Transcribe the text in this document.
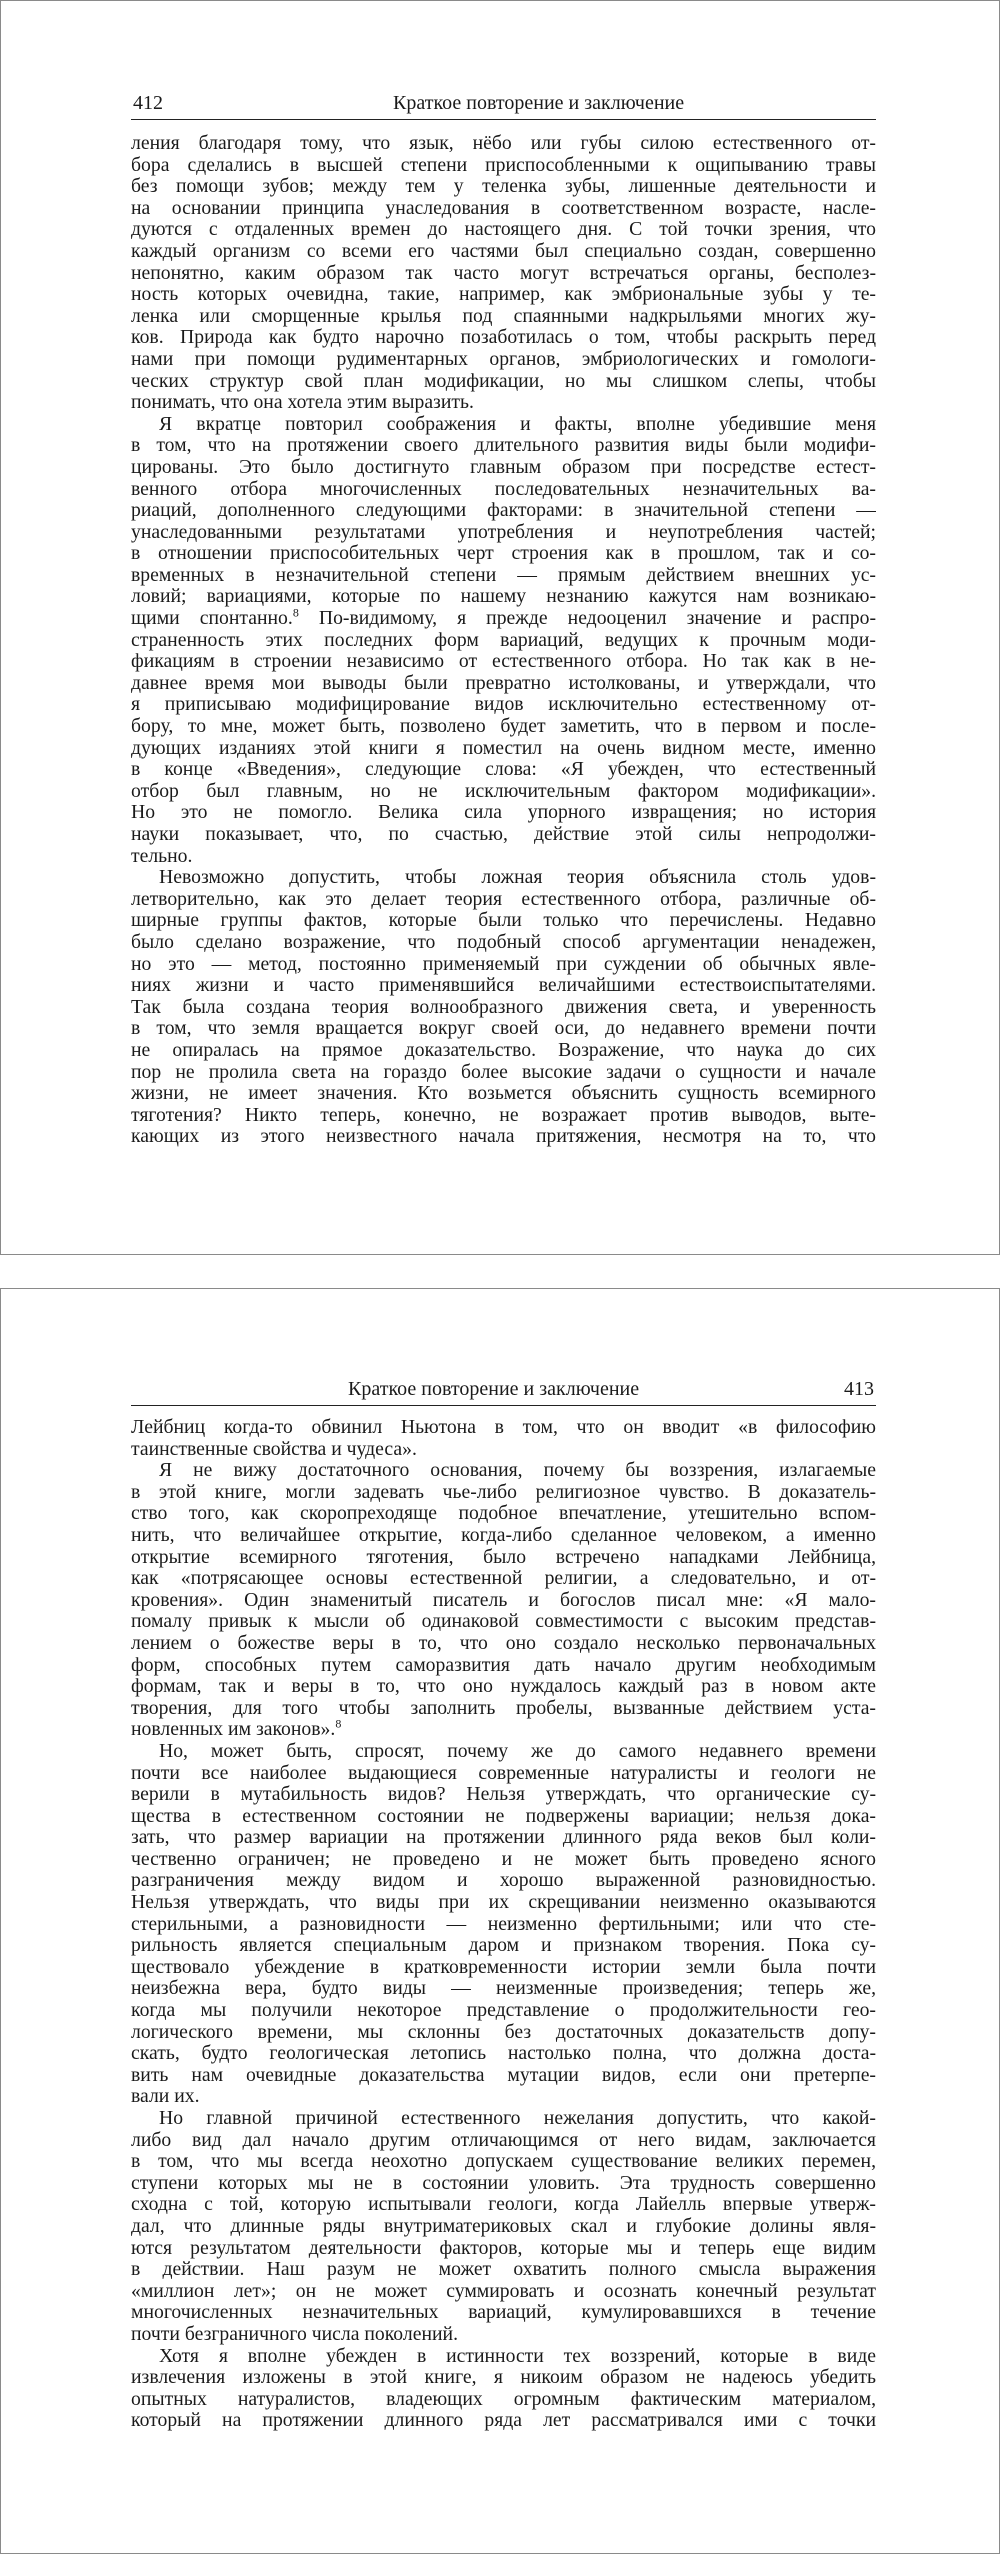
412	Краткое повторение и заключение
ления благодаря тому, что язык, нёбо или губы силою естественного от-
бора сделались в высшей степени приспособленными к ощипыванию травы
без помощи зубов; между тем у теленка зубы, лишенные деятельности и
на основании принципа унаследования в соответственном возрасте, насле-
дуются с отдаленных времен до настоящего дня. С той точки зрения, что
каждый организм со всеми его частями был специально создан, совершенно
непонятно, каким образом так часто могут встречаться органы, бесполез-
ность которых очевидна, такие, например, как эмбриональные зубы у те-
ленка или сморщенные крылья под спаянными надкрыльями многих жу-
ков. Природа как будто нарочно позаботилась о том, чтобы раскрыть перед
нами при помощи рудиментарных органов, эмбриологических и гомологи-
ческих структур свой план модификации, но мы слишком слепы, чтобы
понимать, что она хотела этим выразить.
Я вкратце повторил соображения и факты, вполне убедившие меня
в том, что на протяжении своего длительного развития виды были модифи-
цированы. Это было достигнуто главным образом при посредстве естест-
венного отбора многочисленных последовательных незначительных ва-
риаций, дополненного следующими факторами: в значительной степени —
унаследованными результатами употребления и неупотребления частей;
в отношении приспособительных черт строения как в прошлом, так и со-
временных в незначительной степени — прямым действием внешних ус-
ловий; вариациями, которые по нашему незнанию кажутся нам возникаю-
щими спонтанно.$^8$ По-видимому, я прежде недооценил значение и распро-
страненность этих последних форм вариаций, ведущих к прочным моди-
фикациям в строении независимо от естественного отбора. Но так как в не-
давнее время мои выводы были превратно истолкованы, и утверждали, что
я приписываю модифицирование видов исключительно естественному от-
бору, то мне, может быть, позволено будет заметить, что в первом и после-
дующих изданиях этой книги я поместил на очень видном месте, именно
в конце «Введения», следующие слова: «Я убежден, что естественный
отбор был главным, но не исключительным фактором модификации».
Но это не помогло. Велика сила упорного извращения; но история
науки показывает, что, по счастью, действие этой силы непродолжи-
тельно.
Невозможно допустить, чтобы ложная теория объяснила столь удов-
летворительно, как это делает теория естественного отбора, различные об-
ширные группы фактов, которые были только что перечислены. Недавно
было сделано возражение, что подобный способ аргументации ненадежен,
но это — метод, постоянно применяемый при суждении об обычных явле-
ниях жизни и часто применявшийся величайшими естествоиспытателями.
Так была создана теория волнообразного движения света, и уверенность
в том, что земля вращается вокруг своей оси, до недавнего времени почти
не опиралась на прямое доказательство. Возражение, что наука до сих
пор не пролила света на гораздо более высокие задачи о сущности и начале
жизни, не имеет значения. Кто возьмется объяснить сущность всемирного
тяготения? Никто теперь, конечно, не возражает против выводов, выте-
кающих из этого неизвестного начала притяжения, несмотря на то, что
Краткое повторение и заключение	413
Лейбниц когда-то обвинил Ньютона в том, что он вводит «в философию
таинственные свойства и чудеса».
Я не вижу достаточного основания, почему бы воззрения, излагаемые
в этой книге, могли задевать чье-либо религиозное чувство. В доказатель-
ство того, как скоропреходяще подобное впечатление, утешительно вспом-
нить, что величайшее открытие, когда-либо сделанное человеком, а именно
открытие всемирного тяготения, было встречено нападками Лейбница,
как «потрясающее основы естественной религии, а следовательно, и от-
кровения». Один знаменитый писатель и богослов писал мне: «Я мало-
помалу привык к мысли об одинаковой совместимости с высоким представ-
лением о божестве веры в то, что оно создало несколько первоначальных
форм, способных путем саморазвития дать начало другим необходимым
формам, так и веры в то, что оно нуждалось каждый раз в новом акте
творения, для того чтобы заполнить пробелы, вызванные действием уста-
новленных им законов».$^8$
Но, может быть, спросят, почему же до самого недавнего времени
почти все наиболее выдающиеся современные натуралисты и геологи не
верили в мутабильность видов? Нельзя утверждать, что органические су-
щества в естественном состоянии не подвержены вариации; нельзя дока-
зать, что размер вариации на протяжении длинного ряда веков был коли-
чественно ограничен; не проведено и не может быть проведено ясного
разграничения между видом и хорошо выраженной разновидностью.
Нельзя утверждать, что виды при их скрещивании неизменно оказываются
стерильными, а разновидности — неизменно фертильными; или что сте-
рильность является специальным даром и признаком творения. Пока су-
ществовало убеждение в кратковременности истории земли была почти
неизбежна вера, будто виды — неизменные произведения; теперь же,
когда мы получили некоторое представление о продолжительности гео-
логического времени, мы склонны без достаточных доказательств допу-
скать, будто геологическая летопись настолько полна, что должна доста-
вить нам очевидные доказательства мутации видов, если они претерпе-
вали их.
Но главной причиной естественного нежелания допустить, что какой-
либо вид дал начало другим отличающимся от него видам, заключается
в том, что мы всегда неохотно допускаем существование великих перемен,
ступени которых мы не в состоянии уловить. Эта трудность совершенно
сходна с той, которую испытывали геологи, когда Лайелль впервые утверж-
дал, что длинные ряды внутриматериковых скал и глубокие долины явля-
ются результатом деятельности факторов, которые мы и теперь еще видим
в действии. Наш разум не может охватить полного смысла выражения
«миллион лет»; он не может суммировать и осознать конечный результат
многочисленных незначительных вариаций, кумулировавшихся в течение
почти безграничного числа поколений.
Хотя я вполне убежден в истинности тех воззрений, которые в виде
извлечения изложены в этой книге, я никоим образом не надеюсь убедить
опытных натуралистов, владеющих огромным фактическим материалом,
который на протяжении длинного ряда лет рассматривался ими с точки
